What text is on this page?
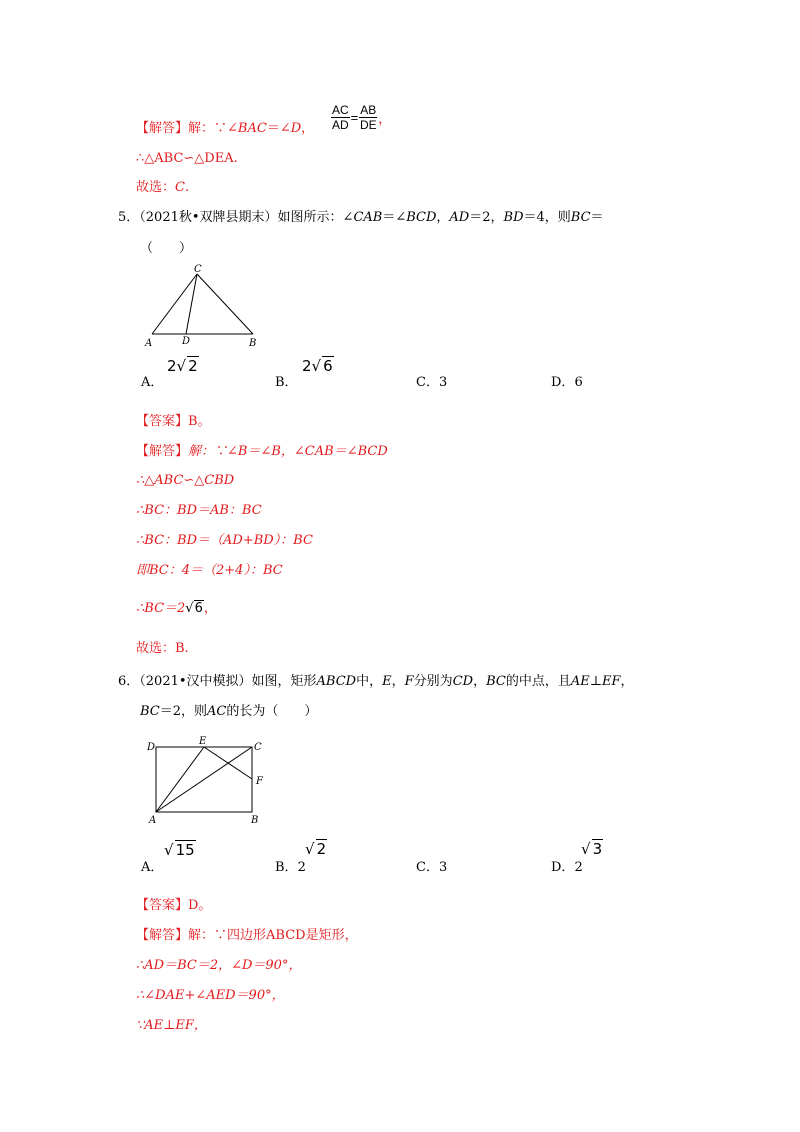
【解答】解：∵∠BAC＝∠D， $\frac{AC}{AD} = \frac{AB}{DE}$ ，
∴△ABC∽△DEA.
故选：C.
5．（2021秋•双牌县期末）如图所示：∠CAB＝∠BCD，AD＝2，BD＝4，则BC＝
（　　）
C
A	D	B
A．
2√ 2
B．
2√ 6
C．3	D．6
【答案】B。
【解答】解：∵∠B＝∠B，∠CAB＝∠BCD
∴△ABC∽△CBD
∴BC：BD＝AB：BC
∴BC：BD＝（AD+BD）：BC
即BC：4＝（2+4）：BC
∴BC＝2√6，
故选：B.
6．（2021•汉中模拟）如图，矩形ABCD中，E，F分别为CD，BC的中点，且AE⊥EF，
BC＝2，则AC的长为（　　）
D
E
C
F
A	B
A．
√ 15
B．2
√ 2
C．3	D．2
√ 3
【答案】D。
【解答】解：∵四边形ABCD是矩形，
∴AD＝BC＝2，∠D＝90°，
∴∠DAE+∠AED＝90°，
∵AE⊥EF，
